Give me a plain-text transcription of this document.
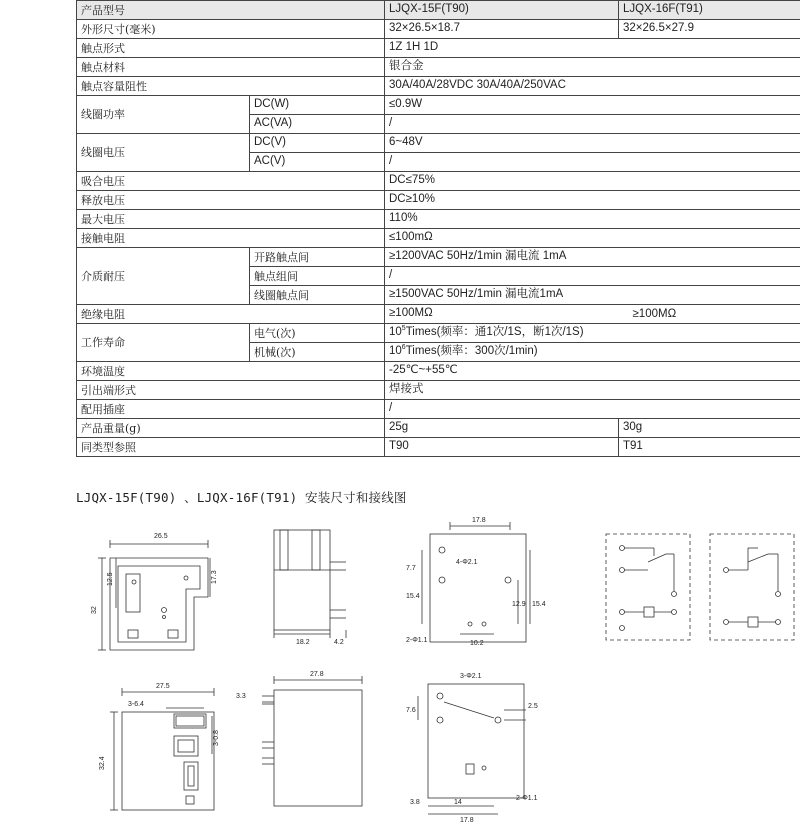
产品型号		LJQX-15F(T90)	LJQX-16F(T91)
外形尺寸(毫米)		32×26.5×18.7	32×26.5×27.9
触点形式		1Z 1H 1D	
触点材料		银合金	
触点容量阻性		30A/40A/28VDC 30A/40A/250VAC	
线圈功率	DC(W)	≤0.9W	
	AC(VA)	/	
线圈电压	DC(V)	6~48V	
	AC(V)	/	
吸合电压		DC≤75%	
释放电压		DC≥10%	
最大电压		110%	
接触电阻		≤100mΩ	
介质耐压	开路触点间	≥1200VAC 50Hz/1min 漏电流 1mA	
	触点组间	/	
	线圈触点间	≥1500VAC 50Hz/1min 漏电流1mA	
绝缘电阻		≥100MΩ	≥100MΩ
工作寿命	电气(次)	$10^5Times$(频率：通1次/1S，断1次/1S)	
	机械(次)	$10^6Times$(频率：300次/1min)	
环境温度		-25℃~+55℃	
引出端形式		焊接式	
配用插座		/	
产品重量(g)		25g	30g
同类型参照		T90	T91
LJQX-15F(T90) 、LJQX-16F(T91) 安装尺寸和接线图
26.5
32
12.5	17.3
18.2	4.2
17.8
4-Φ2.1
7.7
15.4
12.9 15.4
10.2
2-Φ1.1
27.5
3-6.4
32.4
3-0.8
27.8
3.3
3-Φ2.1
7.6
2.5
3.8	14
17.8
2-Φ1.1
